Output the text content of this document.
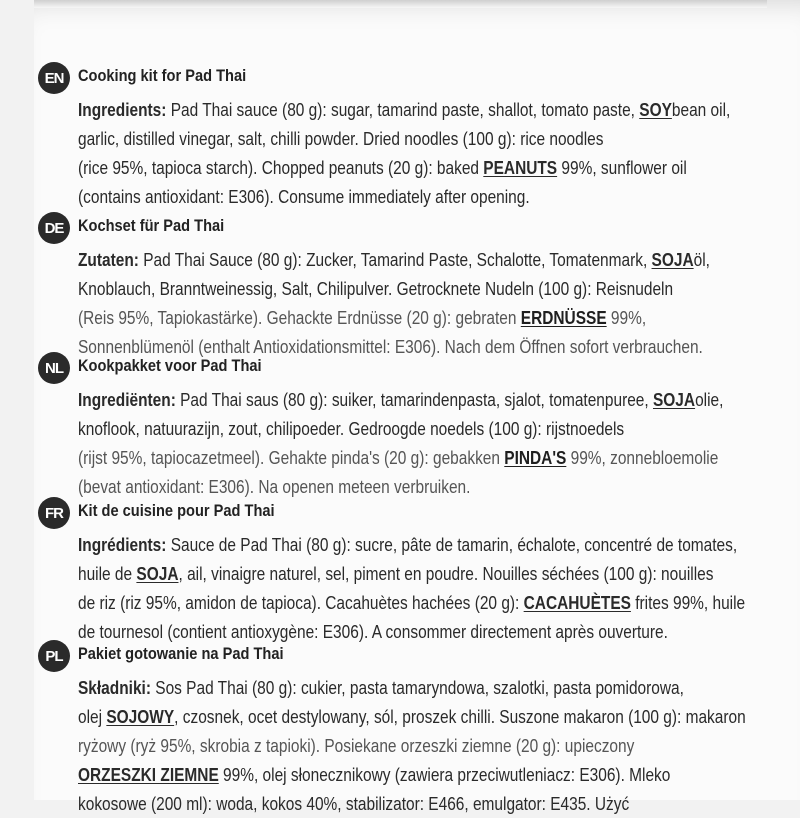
EN Cooking kit for Pad Thai
Ingredients: Pad Thai sauce (80 g): sugar, tamarind paste, shallot, tomato paste, SOYbean oil,
garlic, distilled vinegar, salt, chilli powder. Dried noodles (100 g): rice noodles
(rice 95%, tapioca starch). Chopped peanuts (20 g): baked PEANUTS 99%, sunflower oil
(contains antioxidant: E306). Consume immediately after opening.
DE Kochset für Pad Thai
Zutaten: Pad Thai Sauce (80 g): Zucker, Tamarind Paste, Schalotte, Tomatenmark, SOJAöl,
Knoblauch, Branntweinessig, Salt, Chilipulver. Getrocknete Nudeln (100 g): Reisnudeln
(Reis 95%, Tapiokastärke). Gehackte Erdnüsse (20 g): gebraten ERDNÜSSE 99%,
Sonnenblümenöl (enthalt Antioxidationsmittel: E306). Nach dem Öffnen sofort verbrauchen.
NL Kookpakket voor Pad Thai
Ingrediënten: Pad Thai saus (80 g): suiker, tamarindenpasta, sjalot, tomatenpuree, SOJAolie,
knoflook, natuurazijn, zout, chilipoeder. Gedroogde noedels (100 g): rijstnoedels
(rijst 95%, tapiocazetmeel). Gehakte pinda's (20 g): gebakken PINDA'S 99%, zonnebloemolie
(bevat antioxidant: E306). Na openen meteen verbruiken.
FR Kit de cuisine pour Pad Thai
Ingrédients: Sauce de Pad Thai (80 g): sucre, pâte de tamarin, échalote, concentré de tomates,
huile de SOJA, ail, vinaigre naturel, sel, piment en poudre. Nouilles séchées (100 g): nouilles
de riz (riz 95%, amidon de tapioca). Cacahuètes hachées (20 g): CACAHUÈTES frites 99%, huile
de tournesol (contient antioxygène: E306). A consommer directement après ouverture.
PL Pakiet gotowanie na Pad Thai
Składniki: Sos Pad Thai (80 g): cukier, pasta tamaryndowa, szalotki, pasta pomidorowa,
olej SOJOWY, czosnek, ocet destylowany, sól, proszek chilli. Suszone makaron (100 g): makaron
ryżowy (ryż 95%, skrobia z tapioki). Posiekane orzeszki ziemne (20 g): upieczony
ORZESZKI ZIEMNE 99%, olej słonecznikowy (zawiera przeciwutleniacz: E306). Mleko
kokosowe (200 ml): woda, kokos 40%, stabilizator: E466, emulgator: E435. Użyć
